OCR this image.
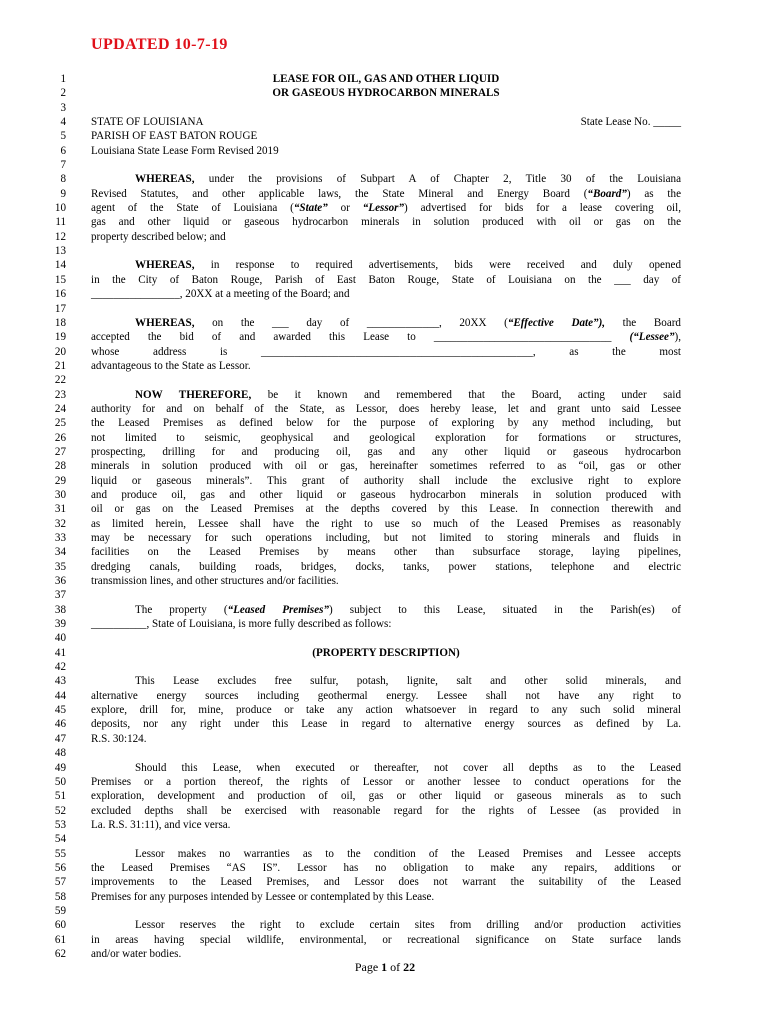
UPDATED 10-7-19
1	LEASE FOR OIL, GAS AND OTHER LIQUID
2	OR GASEOUS HYDROCARBON MINERALS
3
4 STATE OF LOUISIANA	State Lease No. _____
5 PARISH OF EAST BATON ROUGE
6 Louisiana State Lease Form Revised 2019
7
8	WHEREAS, under the provisions of Subpart A of Chapter 2, Title 30 of the Louisiana
9 Revised Statutes, and other applicable laws, the State Mineral and Energy Board (“Board”) as the
10 agent of the State of Louisiana (“State” or “Lessor”) advertised for bids for a lease covering oil,
11 gas and other liquid or gaseous hydrocarbon minerals in solution produced with oil or gas on the
12 property described below; and
13
14	WHEREAS, in response to required advertisements, bids were received and duly opened
15 in the City of Baton Rouge, Parish of East Baton Rouge, State of Louisiana on the ___ day of
16 ________________, 20XX at a meeting of the Board; and
17
18	WHEREAS, on the ___ day of _____________, 20XX (“Effective Date”), the Board
19 accepted the bid of and awarded this Lease to ________________________________ (“Lessee”),
20 whose address is _________________________________________________, as the most
21 advantageous to the State as Lessor.
22
23	NOW THEREFORE, be it known and remembered that the Board, acting under said
24 authority for and on behalf of the State, as Lessor, does hereby lease, let and grant unto said Lessee
25 the Leased Premises as defined below for the purpose of exploring by any method including, but
26 not limited to seismic, geophysical and geological exploration for formations or structures,
27 prospecting, drilling for and producing oil, gas and any other liquid or gaseous hydrocarbon
28 minerals in solution produced with oil or gas, hereinafter sometimes referred to as “oil, gas or other
29 liquid or gaseous minerals”. This grant of authority shall include the exclusive right to explore
30 and produce oil, gas and other liquid or gaseous hydrocarbon minerals in solution produced with
31 oil or gas on the Leased Premises at the depths covered by this Lease. In connection therewith and
32 as limited herein, Lessee shall have the right to use so much of the Leased Premises as reasonably
33 may be necessary for such operations including, but not limited to storing minerals and fluids in
34 facilities on the Leased Premises by means other than subsurface storage, laying pipelines,
35 dredging canals, building roads, bridges, docks, tanks, power stations, telephone and electric
36 transmission lines, and other structures and/or facilities.
37
38	The property (“Leased Premises”) subject to this Lease, situated in the Parish(es) of
39 __________, State of Louisiana, is more fully described as follows:
40
41	(PROPERTY DESCRIPTION)
42
43	This Lease excludes free sulfur, potash, lignite, salt and other solid minerals, and
44 alternative energy sources including geothermal energy. Lessee shall not have any right to
45 explore, drill for, mine, produce or take any action whatsoever in regard to any such solid mineral
46 deposits, nor any right under this Lease in regard to alternative energy sources as defined by La.
47 R.S. 30:124.
48
49	Should this Lease, when executed or thereafter, not cover all depths as to the Leased
50 Premises or a portion thereof, the rights of Lessor or another lessee to conduct operations for the
51 exploration, development and production of oil, gas or other liquid or gaseous minerals as to such
52 excluded depths shall be exercised with reasonable regard for the rights of Lessee (as provided in
53 La. R.S. 31:11), and vice versa.
54
55	Lessor makes no warranties as to the condition of the Leased Premises and Lessee accepts
56 the Leased Premises “AS IS”. Lessor has no obligation to make any repairs, additions or
57 improvements to the Leased Premises, and Lessor does not warrant the suitability of the Leased
58 Premises for any purposes intended by Lessee or contemplated by this Lease.
59
60	Lessor reserves the right to exclude certain sites from drilling and/or production activities
61 in areas having special wildlife, environmental, or recreational significance on State surface lands
62 and/or water bodies.
Page 1 of 22
